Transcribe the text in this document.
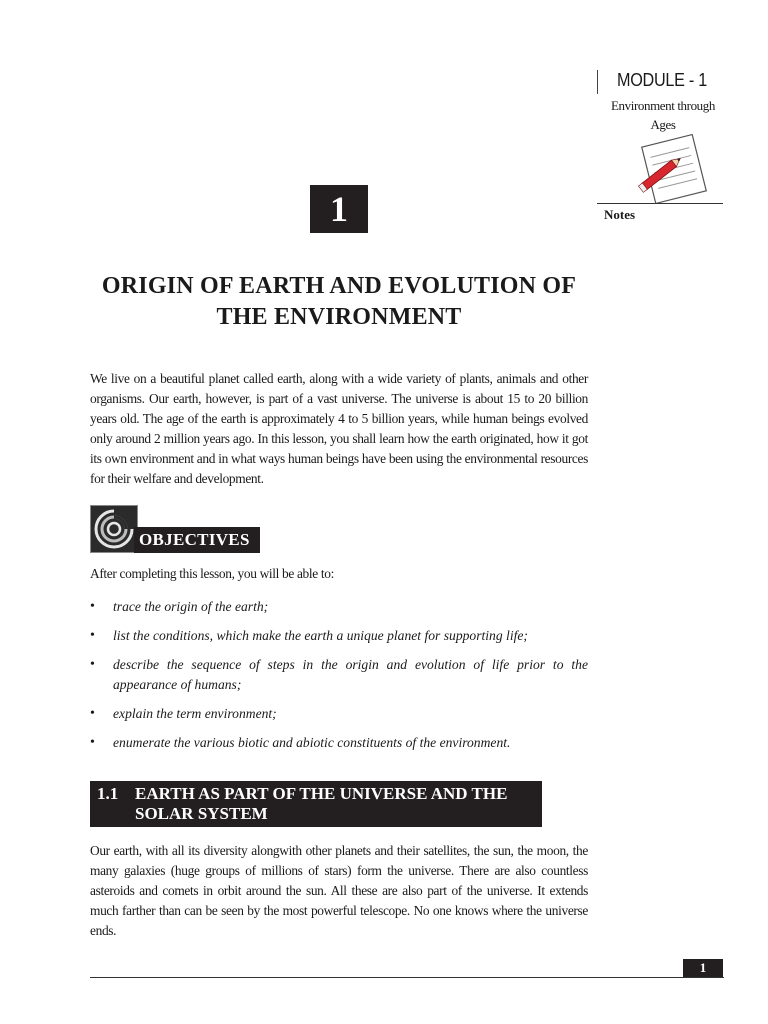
MODULE - 1
Environment through
Ages
Notes
1
ORIGIN OF EARTH AND EVOLUTION OF
THE ENVIRONMENT
We live on a beautiful planet called earth, along with a wide variety of plants, animals and other organisms. Our earth, however, is part of a vast universe. The universe is about 15 to 20 billion years old. The age of the earth is approximately 4 to 5 billion years, while human beings evolved only around 2 million years ago. In this lesson, you shall learn how the earth originated, how it got its own environment and in what ways human beings have been using the environmental resources for their welfare and development.
OBJECTIVES
After completing this lesson, you will be able to:
• trace the origin of the earth;
• list the conditions, which make the earth a unique planet for supporting life;
• describe the sequence of steps in the origin and evolution of life prior to the appearance of humans;
• explain the term environment;
• enumerate the various biotic and abiotic constituents of the environment.
1.1 EARTH AS PART OF THE UNIVERSE AND THE SOLAR SYSTEM
Our earth, with all its diversity alongwith other planets and their satellites, the sun, the moon, the many galaxies (huge groups of millions of stars) form the universe. There are also countless asteroids and comets in orbit around the sun. All these are also part of the universe. It extends much farther than can be seen by the most powerful telescope. No one knows where the universe ends.
1
